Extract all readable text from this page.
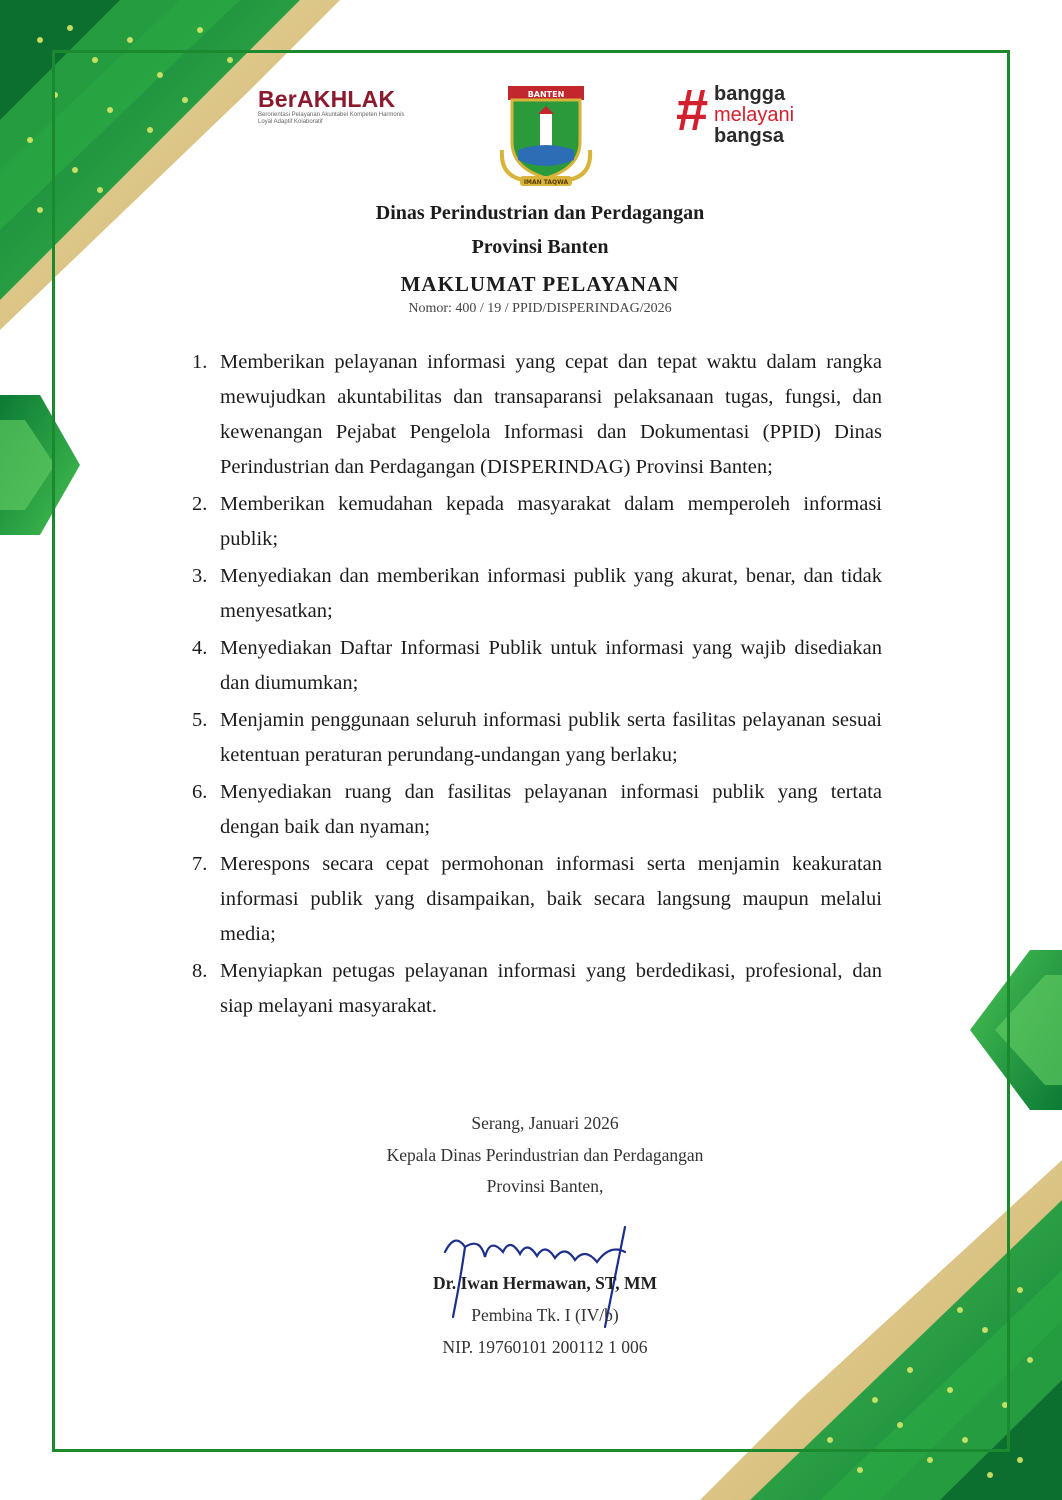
BerAKHLAK
Berorientasi Pelayanan Akuntabel Kompeten Harmonis Loyal Adaptif Kolaboratif
BANTEN
IMAN TAQWA
# bangga
melayani
bangsa
Dinas Perindustrian dan Perdagangan
Provinsi Banten
MAKLUMAT PELAYANAN
Nomor: 400 / 19 / PPID/DISPERINDAG/2026
1. Memberikan pelayanan informasi yang cepat dan tepat waktu dalam rangka mewujudkan akuntabilitas dan transaparansi pelaksanaan tugas, fungsi, dan kewenangan Pejabat Pengelola Informasi dan Dokumentasi (PPID) Dinas Perindustrian dan Perdagangan (DISPERINDAG) Provinsi Banten;
2. Memberikan kemudahan kepada masyarakat dalam memperoleh informasi publik;
3. Menyediakan dan memberikan informasi publik yang akurat, benar, dan tidak menyesatkan;
4. Menyediakan Daftar Informasi Publik untuk informasi yang wajib disediakan dan diumumkan;
5. Menjamin penggunaan seluruh informasi publik serta fasilitas pelayanan sesuai ketentuan peraturan perundang-undangan yang berlaku;
6. Menyediakan ruang dan fasilitas pelayanan informasi publik yang tertata dengan baik dan nyaman;
7. Merespons secara cepat permohonan informasi serta menjamin keakuratan informasi publik yang disampaikan, baik secara langsung maupun melalui media;
8. Menyiapkan petugas pelayanan informasi yang berdedikasi, profesional, dan siap melayani masyarakat.
Serang, Januari 2026
Kepala Dinas Perindustrian dan Perdagangan
Provinsi Banten,
Dr. Iwan Hermawan, ST, MM
Pembina Tk. I (IV/b)
NIP. 19760101 200112 1 006
